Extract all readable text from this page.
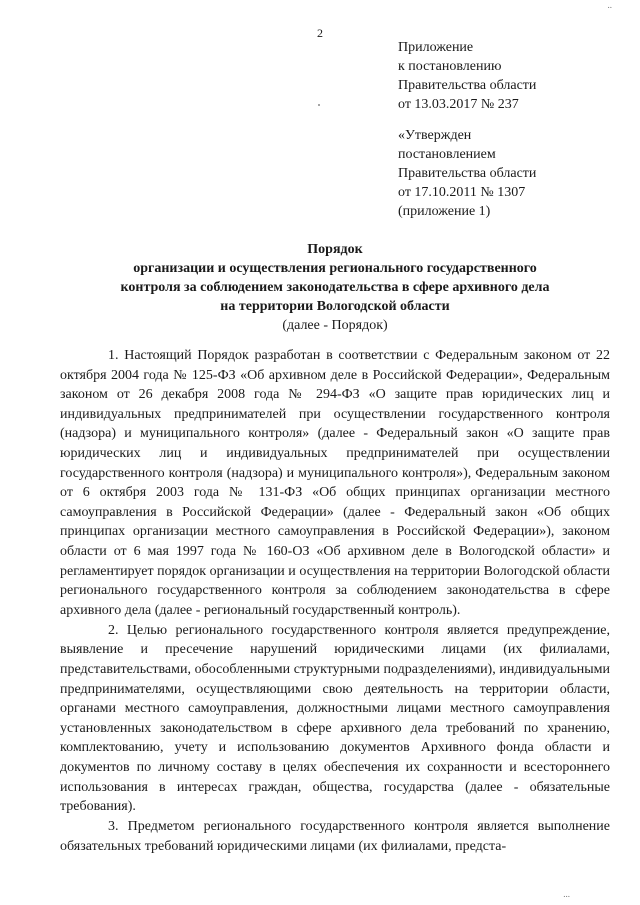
..
2
Приложение
к постановлению
Правительства области
от 13.03.2017 № 237
«Утвержден
постановлением
Правительства области
от 17.10.2011 № 1307
(приложение 1)
Порядок
организации и осуществления регионального государственного
контроля за соблюдением законодательства в сфере архивного дела
на территории Вологодской области
(далее - Порядок)

1. Настоящий Порядок разработан в соответствии с Федеральным законом от 22 октября 2004 года № 125-ФЗ «Об архивном деле в Российской Федерации», Федеральным законом от 26 декабря 2008 года № 294-ФЗ «О защите прав юридических лиц и индивидуальных предпринимателей при осуществлении государственного контроля (надзора) и муниципального контроля» (далее - Федеральный закон «О защите прав юридических лиц и индивидуальных предпринимателей при осуществлении государственного контроля (надзора) и муниципального контроля»), Федеральным законом от 6 октября 2003 года № 131-ФЗ «Об общих принципах организации местного самоуправления в Российской Федерации» (далее - Федеральный закон «Об общих принципах организации местного самоуправления в Российской Федерации»), законом области от 6 мая 1997 года № 160-ОЗ «Об архивном деле в Вологодской области» и регламентирует порядок организации и осуществления на территории Вологодской области регионального государственного контроля за соблюдением законодательства в сфере архивного дела (далее - региональный государственный контроль).

2. Целью регионального государственного контроля является предупреждение, выявление и пресечение нарушений юридическими лицами (их филиалами, представительствами, обособленными структурными подразделениями), индивидуальными предпринимателями, осуществляющими свою деятельность на территории области, органами местного самоуправления, должностными лицами местного самоуправления установленных законодательством в сфере архивного дела требований по хранению, комплектованию, учету и использованию документов Архивного фонда области и документов по личному составу в целях обеспечения их сохранности и всестороннего использования в интересах граждан, общества, государства (далее - обязательные требования).

3. Предметом регионального государственного контроля является выполнение обязательных требований юридическими лицами (их филиалами, предста-

...
